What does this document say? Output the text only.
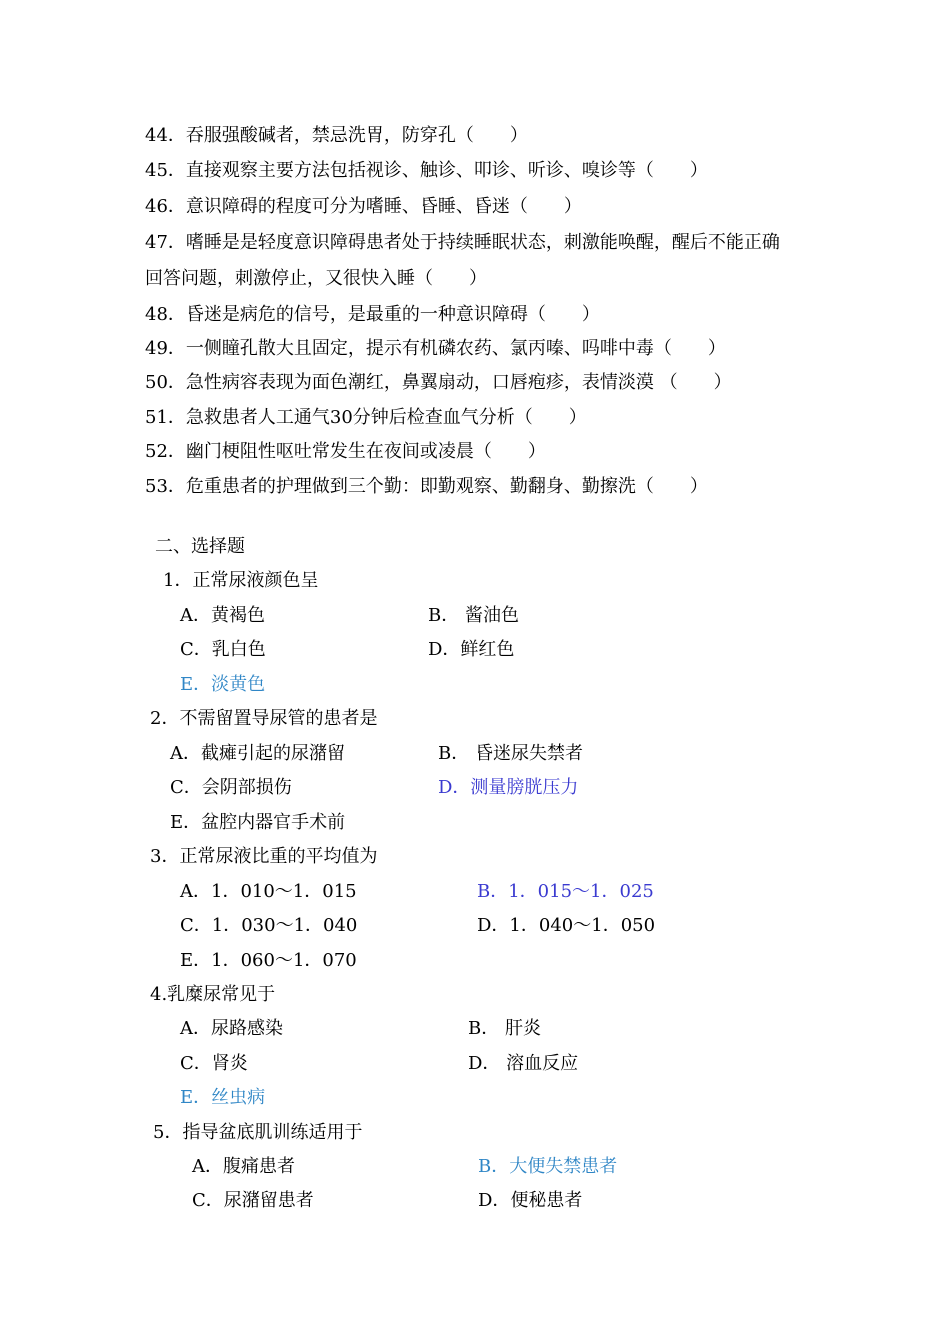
44．吞服强酸碱者，禁忌洗胃，防穿孔（　　）
45．直接观察主要方法包括视诊、触诊、叩诊、听诊、嗅诊等（　　）
46．意识障碍的程度可分为嗜睡、昏睡、昏迷（　　）
47．嗜睡是是轻度意识障碍患者处于持续睡眠状态，刺激能唤醒，醒后不能正确
回答问题，刺激停止，又很快入睡（　　）
48．昏迷是病危的信号，是最重的一种意识障碍（　　）
49．一侧瞳孔散大且固定，提示有机磷农药、氯丙嗪、吗啡中毒（　　）
50．急性病容表现为面色潮红，鼻翼扇动，口唇疱疹，表情淡漠 （　　）
51．急救患者人工通气30分钟后检查血气分析（　　）
52．幽门梗阻性呕吐常发生在夜间或凌晨（　　）
53．危重患者的护理做到三个勤：即勤观察、勤翻身、勤擦洗（　　）
二、选择题
1．正常尿液颜色呈
A．黄褐色	B． 酱油色
C．乳白色	D．鲜红色
E．淡黄色
2．不需留置导尿管的患者是
A．截瘫引起的尿潴留	B． 昏迷尿失禁者
C．会阴部损伤	D．测量膀胱压力
E．盆腔内器官手术前
3．正常尿液比重的平均值为
A．1．010～1．015	B．1．015～1．025
C．1．030～1．040	D．1．040～1．050
E．1．060～1．070
4.乳糜尿常见于
A．尿路感染	B． 肝炎
C．肾炎	D． 溶血反应
E．丝虫病
5．指导盆底肌训练适用于
A．腹痛患者	B．大便失禁患者
C．尿潴留患者	D．便秘患者
